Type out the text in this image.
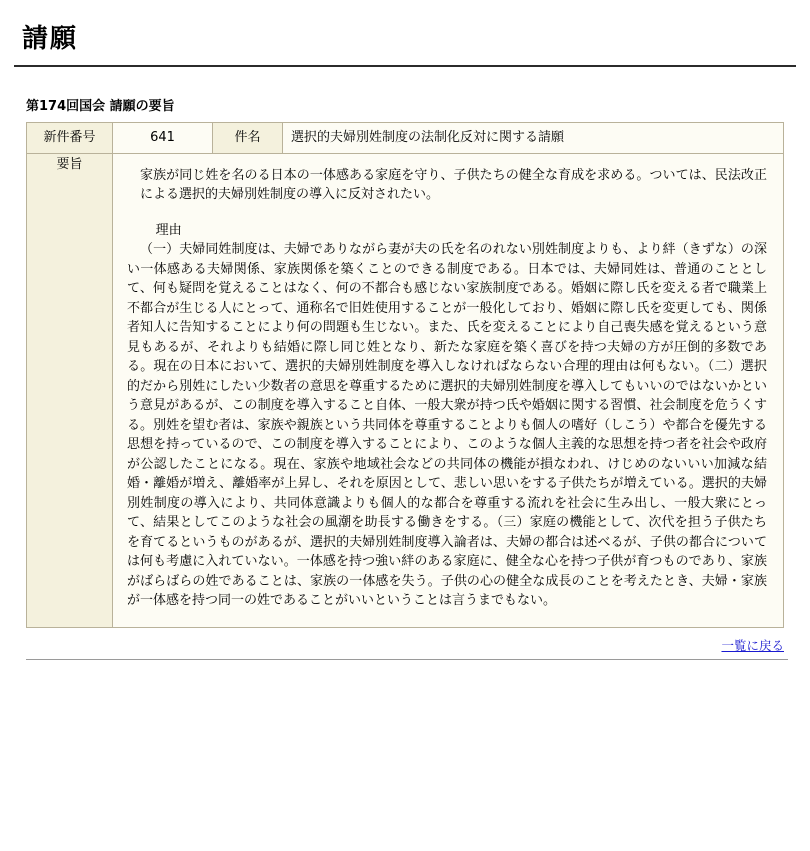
請願
第174回国会 請願の要旨
新件番号	641	件名	選択的夫婦別姓制度の法制化反対に関する請願
要旨	家族が同じ姓を名のる日本の一体感ある家庭を守り、子供たちの健全な育成を求める。ついては、民法改正による選択的夫婦別姓制度の導入に反対されたい。

理由

（一）夫婦同姓制度は、夫婦でありながら妻が夫の氏を名のれない別姓制度よりも、より絆（きずな）の深い一体感ある夫婦関係、家族関係を築くことのできる制度である。日本では、夫婦同姓は、普通のこととして、何も疑問を覚えることはなく、何の不都合も感じない家族制度である。婚姻に際し氏を変える者で職業上不都合が生じる人にとって、通称名で旧姓使用することが一般化しており、婚姻に際し氏を変更しても、関係者知人に告知することにより何の問題も生じない。また、氏を変えることにより自己喪失感を覚えるという意見もあるが、それよりも結婚に際し同じ姓となり、新たな家庭を築く喜びを持つ夫婦の方が圧倒的多数である。現在の日本において、選択的夫婦別姓制度を導入しなければならない合理的理由は何もない。（二）選択的だから別姓にしたい少数者の意思を尊重するために選択的夫婦別姓制度を導入してもいいのではないかという意見があるが、この制度を導入すること自体、一般大衆が持つ氏や婚姻に関する習慣、社会制度を危うくする。別姓を望む者は、家族や親族という共同体を尊重することよりも個人の嗜好（しこう）や都合を優先する思想を持っているので、この制度を導入することにより、このような個人主義的な思想を持つ者を社会や政府が公認したことになる。現在、家族や地域社会などの共同体の機能が損なわれ、けじめのないいい加減な結婚・離婚が増え、離婚率が上昇し、それを原因として、悲しい思いをする子供たちが増えている。選択的夫婦別姓制度の導入により、共同体意識よりも個人的な都合を尊重する流れを社会に生み出し、一般大衆にとって、結果としてこのような社会の風潮を助長する働きをする。（三）家庭の機能として、次代を担う子供たちを育てるというものがあるが、選択的夫婦別姓制度導入論者は、夫婦の都合は述べるが、子供の都合については何も考慮に入れていない。一体感を持つ強い絆のある家庭に、健全な心を持つ子供が育つものであり、家族がばらばらの姓であることは、家族の一体感を失う。子供の心の健全な成長のことを考えたとき、夫婦・家族が一体感を持つ同一の姓であることがいいということは言うまでもない。		

一覧に戻る
